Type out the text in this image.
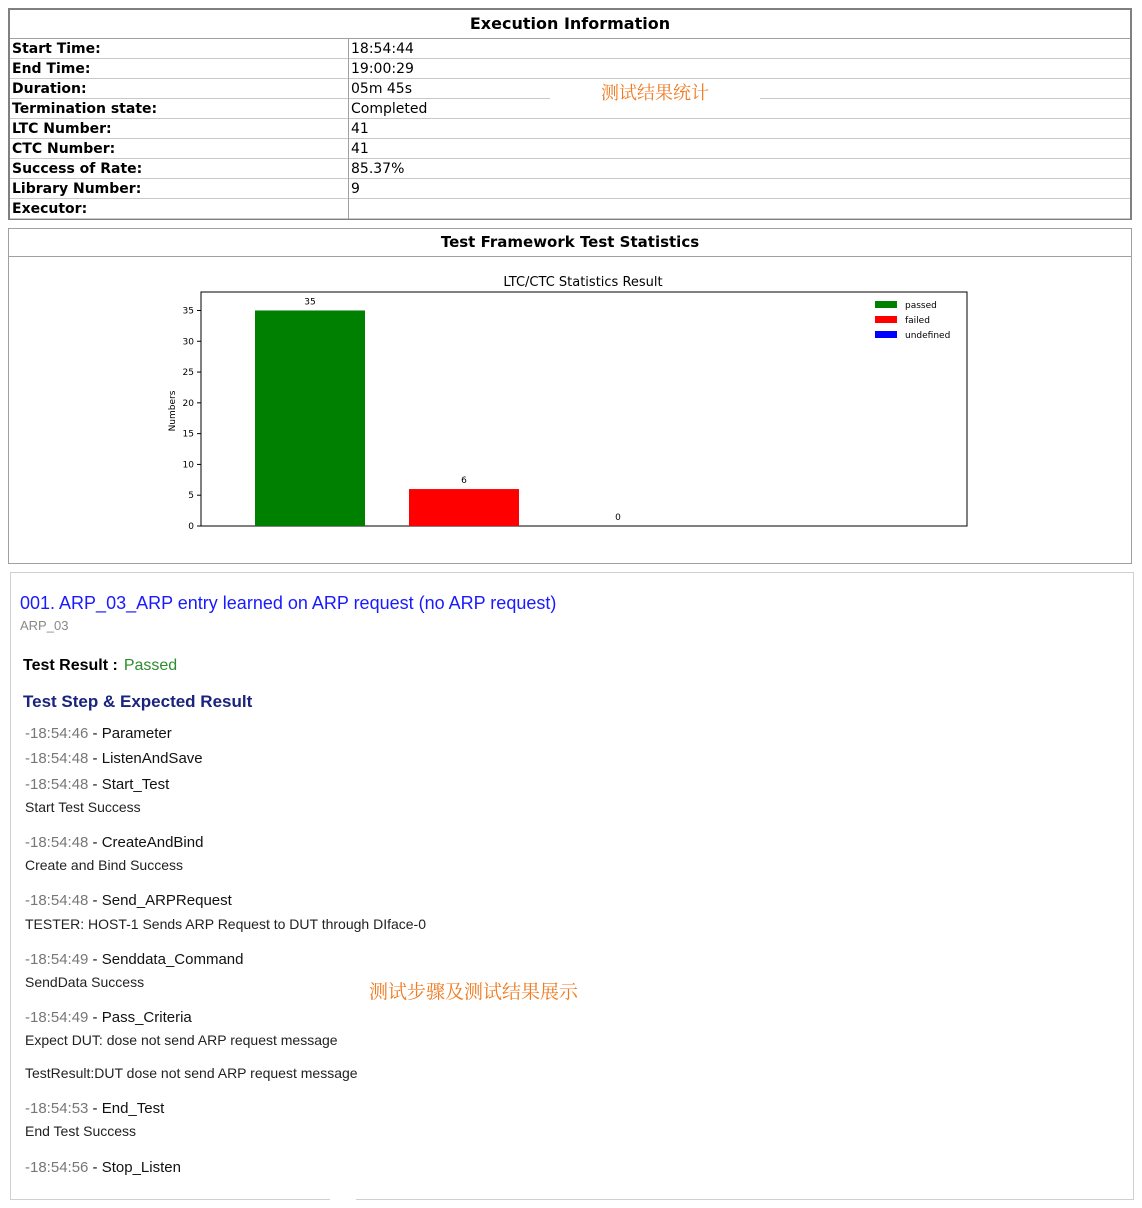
Execution Information
Start Time:	18:54:44
End Time:	19:00:29
Duration:	05m 45s
Termination state:	Completed
LTC Number:	41
CTC Number:	41
Success of Rate:	85.37%
Library Number:	9
Executor:
测试结果统计
Test Framework Test Statistics
LTC/CTC Statistics Result
0
5
10
15
20
25
30
35
35
6
0
Numbers
passed
failed
undefined
001. ARP_03_ARP entry learned on ARP request (no ARP request)
ARP_03
Test Result : Passed
Test Step & Expected Result
-18:54:46 - Parameter
-18:54:48 - ListenAndSave
-18:54:48 - Start_Test
Start Test Success
-18:54:48 - CreateAndBind
Create and Bind Success
-18:54:48 - Send_ARPRequest
TESTER: HOST-1 Sends ARP Request to DUT through DIface-0
-18:54:49 - Senddata_Command
SendData Success
-18:54:49 - Pass_Criteria
Expect DUT: dose not send ARP request message
TestResult:DUT dose not send ARP request message
-18:54:53 - End_Test
End Test Success
-18:54:56 - Stop_Listen
测试步骤及测试结果展示
